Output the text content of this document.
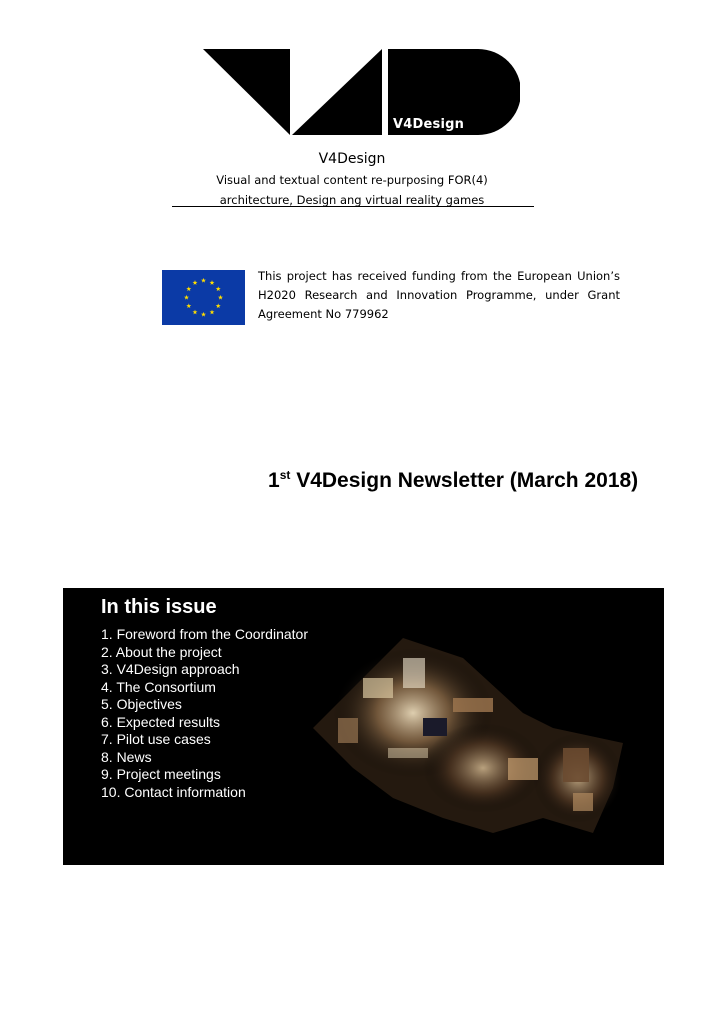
V4Design
V4Design
Visual and textual content re-purposing FOR(4)
architecture, Design ang virtual reality games
This project has received funding from the European Union’s H2020 Research and Innovation Programme, under Grant Agreement No 779962
1st V4Design Newsletter (March 2018)
In this issue
1. Foreword from the Coordinator
2. About the project
3. V4Design approach
4. The Consortium
5. Objectives
6. Expected results
7. Pilot use cases
8. News
9. Project meetings
10. Contact information
